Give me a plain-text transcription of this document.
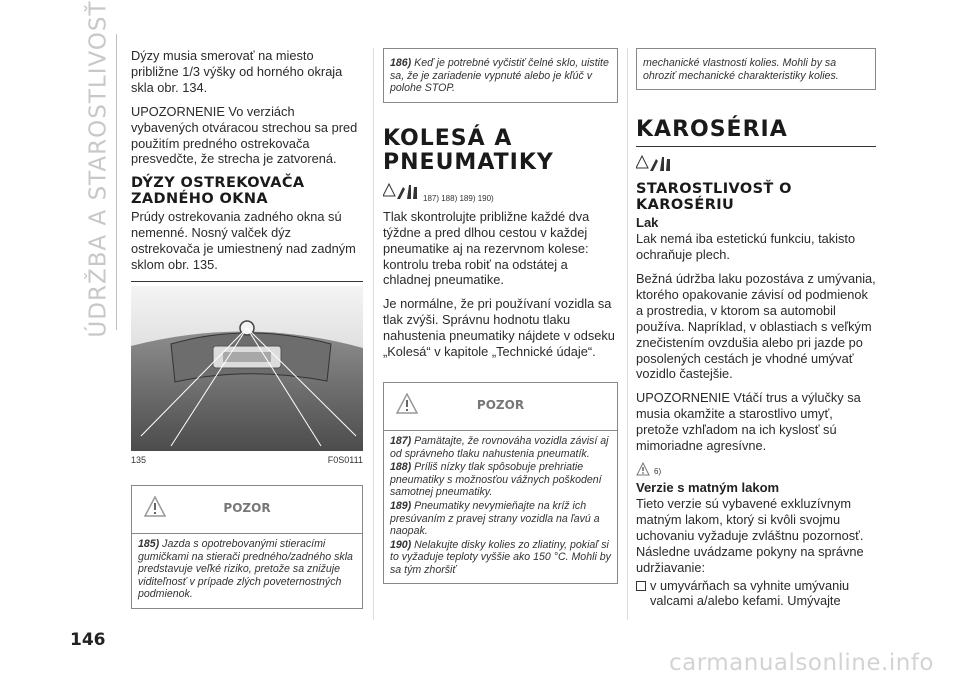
ÚDRŽBA A STAROSTLIVOSŤ Dýzy musia smerovať na miesto približne 1/3 výšky od horného okraja skla obr. 134.

UPOZORNENIE Vo verziách vybavených otváracou strechou sa pred použitím predného ostrekovača presvedčte, že strecha je zatvorená.

DÝZY OSTREKOVAČA ZADNÉHO OKNA

Prúdy ostrekovania zadného okna sú nemenné. Nosný valček dýz ostrekovača je umiestnený nad zadným sklom obr. 135.

135	F0S0111
POZOR

185) Jazda s opotrebovanými stieracími gumičkami na stierači predného/zadného skla predstavuje veľké riziko, pretože sa znižuje viditeľnosť v prípade zlých poveternostných podmienok.

186) Keď je potrebné vyčistiť čelné sklo, uistite sa, že je zariadenie vypnuté alebo je kľúč v polohe STOP.

KOLESÁ A PNEUMATIKY
187) 188) 189) 190)

Tlak skontrolujte približne každé dva týždne a pred dlhou cestou v každej pneumatike aj na rezervnom kolese: kontrolu treba robiť na odstátej a chladnej pneumatike.

Je normálne, že pri používaní vozidla sa tlak zvýši. Správnu hodnotu tlaku nahustenia pneumatiky nájdete v odseku „Kolesá“ v kapitole „Technické údaje“.

POZOR

187) Pamätajte, že rovnováha vozidla závisí aj od správneho tlaku nahustenia pneumatík.

188) Príliš nízky tlak spôsobuje prehriatie pneumatiky s možnosťou vážnych poškodení samotnej pneumatiky.

189) Pneumatiky nevymieňajte na kríž ich presúvaním z pravej strany vozidla na ľavú a naopak.

190) Nelakujte disky kolies zo zliatiny, pokiaľ si to vyžaduje teploty vyššie ako 150 °C. Mohli by sa tým zhoršiť

mechanické vlastnosti kolies. Mohli by sa ohroziť mechanické charakteristiky kolies.

KAROSÉRIA
STAROSTLIVOSŤ O KAROSÉRIU
Lak

Lak nemá iba estetickú funkciu, takisto ochraňuje plech.

Bežná údržba laku pozostáva z umývania, ktorého opakovanie závisí od podmienok a prostredia, v ktorom sa automobil používa. Napríklad, v oblastiach s veľkým znečistením ovzdušia alebo pri jazde po posolených cestách je vhodné umývať vozidlo častejšie.

UPOZORNENIE Vtáčí trus a výlučky sa musia okamžite a starostlivo umyť, pretože vzhľadom na ich kyslosť sú mimoriadne agresívne.

6)
Verzie s matným lakom

Tieto verzie sú vybavené exkluzívnym matným lakom, ktorý si kvôli svojmu uchovaniu vyžaduje zvláštnu pozornosť. Následne uvádzame pokyny na správne udržiavanie:

v umyvárňach sa vyhnite umývaniu valcami a/alebo kefami. Umývajte

146
carmanualsonline.info
